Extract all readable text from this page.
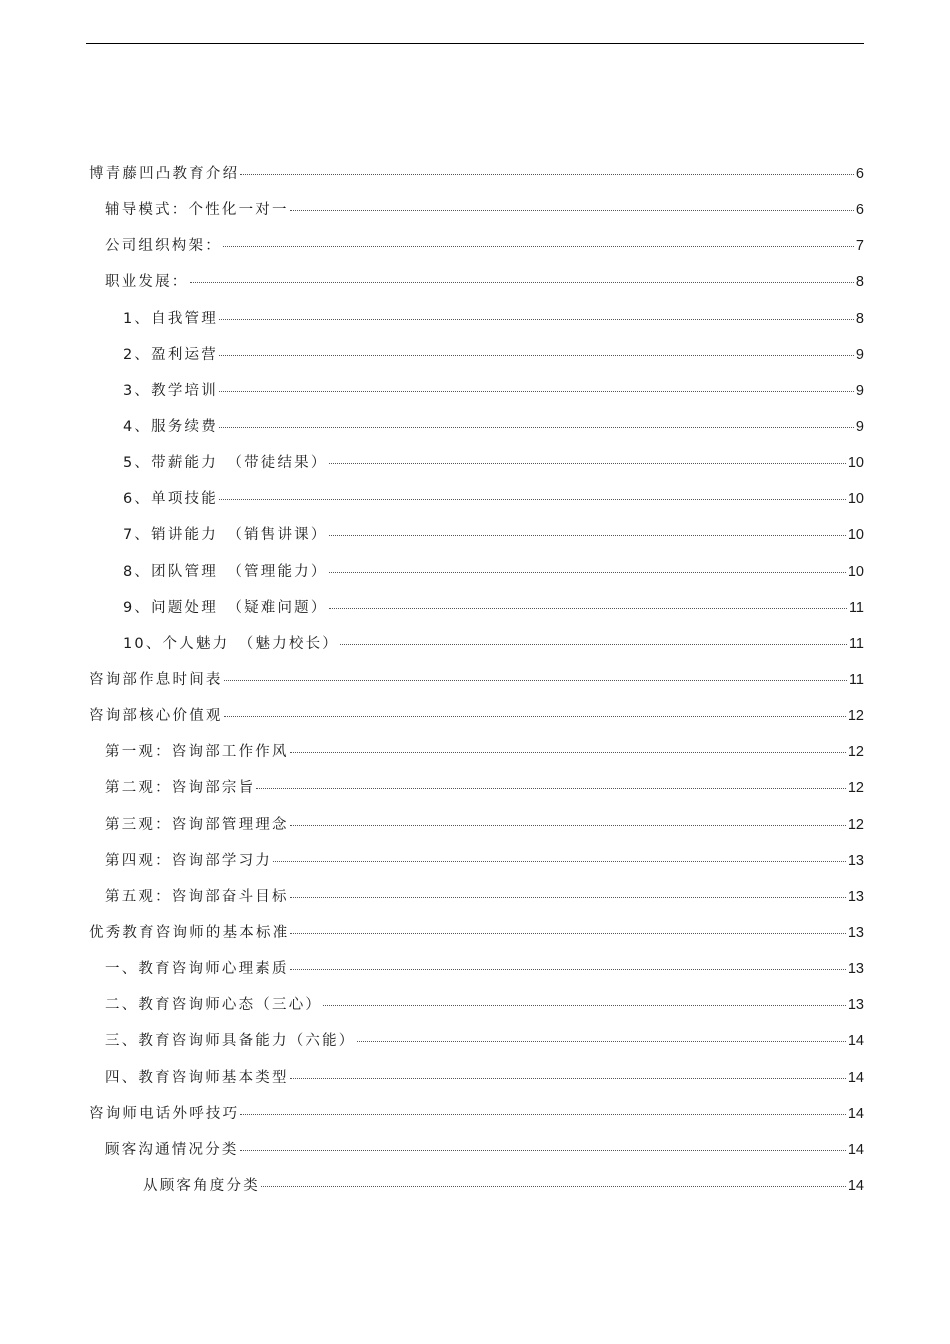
博青藤凹凸教育介绍	6
辅导模式：个性化一对一	6
公司组织构架：	7
职业发展：	8
1、自我管理	8
2、盈利运营	9
3、教学培训	9
4、服务续费	9
5、带薪能力　（带徒结果）	10
6、单项技能	10
7、销讲能力　（销售讲课）	10
8、团队管理　（管理能力）	10
9、问题处理　（疑难问题）	11
10、个人魅力　（魅力校长）	11
咨询部作息时间表	11
咨询部核心价值观	12
第一观：咨询部工作作风	12
第二观：咨询部宗旨	12
第三观：咨询部管理理念	12
第四观：咨询部学习力	13
第五观：咨询部奋斗目标	13
优秀教育咨询师的基本标准	13
一、教育咨询师心理素质	13
二、教育咨询师心态（三心）	13
三、教育咨询师具备能力（六能）	14
四、教育咨询师基本类型	14
咨询师电话外呼技巧	14
顾客沟通情况分类	14
从顾客角度分类	14
